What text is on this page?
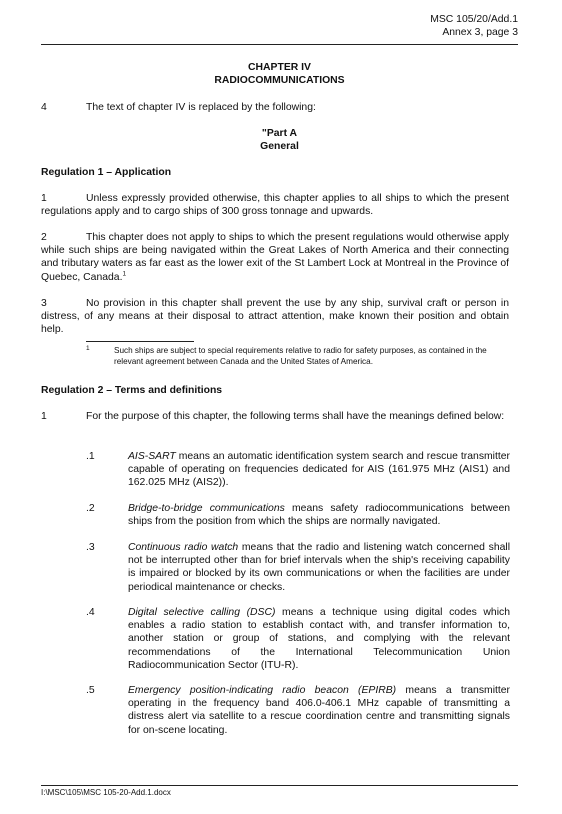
MSC 105/20/Add.1
Annex 3, page 3
CHAPTER IV
RADIOCOMMUNICATIONS
4	The text of chapter IV is replaced by the following:
"Part A
General
Regulation 1 – Application
1	Unless expressly provided otherwise, this chapter applies to all ships to which the present regulations apply and to cargo ships of 300 gross tonnage and upwards.
2	This chapter does not apply to ships to which the present regulations would otherwise apply while such ships are being navigated within the Great Lakes of North America and their connecting and tributary waters as far east as the lower exit of the St Lambert Lock at Montreal in the Province of Quebec, Canada.$^1$
3	No provision in this chapter shall prevent the use by any ship, survival craft or person in distress, of any means at their disposal to attract attention, make known their position and obtain help.
1	Such ships are subject to special requirements relative to radio for safety purposes, as contained in the relevant agreement between Canada and the United States of America.
Regulation 2 – Terms and definitions
1	For the purpose of this chapter, the following terms shall have the meanings defined below:
.1	AIS-SART means an automatic identification system search and rescue transmitter capable of operating on frequencies dedicated for AIS (161.975 MHz (AIS1) and 162.025 MHz (AIS2)).
.2	Bridge-to-bridge communications means safety radiocommunications between ships from the position from which the ships are normally navigated.
.3	Continuous radio watch means that the radio and listening watch concerned shall not be interrupted other than for brief intervals when the ship's receiving capability is impaired or blocked by its own communications or when the facilities are under periodical maintenance or checks.
.4	Digital selective calling (DSC) means a technique using digital codes which enables a radio station to establish contact with, and transfer information to, another station or group of stations, and complying with the relevant recommendations of the International Telecommunication Union Radiocommunication Sector (ITU-R).
.5	Emergency position-indicating radio beacon (EPIRB) means a transmitter operating in the frequency band 406.0-406.1 MHz capable of transmitting a distress alert via satellite to a rescue coordination centre and transmitting signals for on-scene locating.
I:\MSC\105\MSC 105-20-Add.1.docx
